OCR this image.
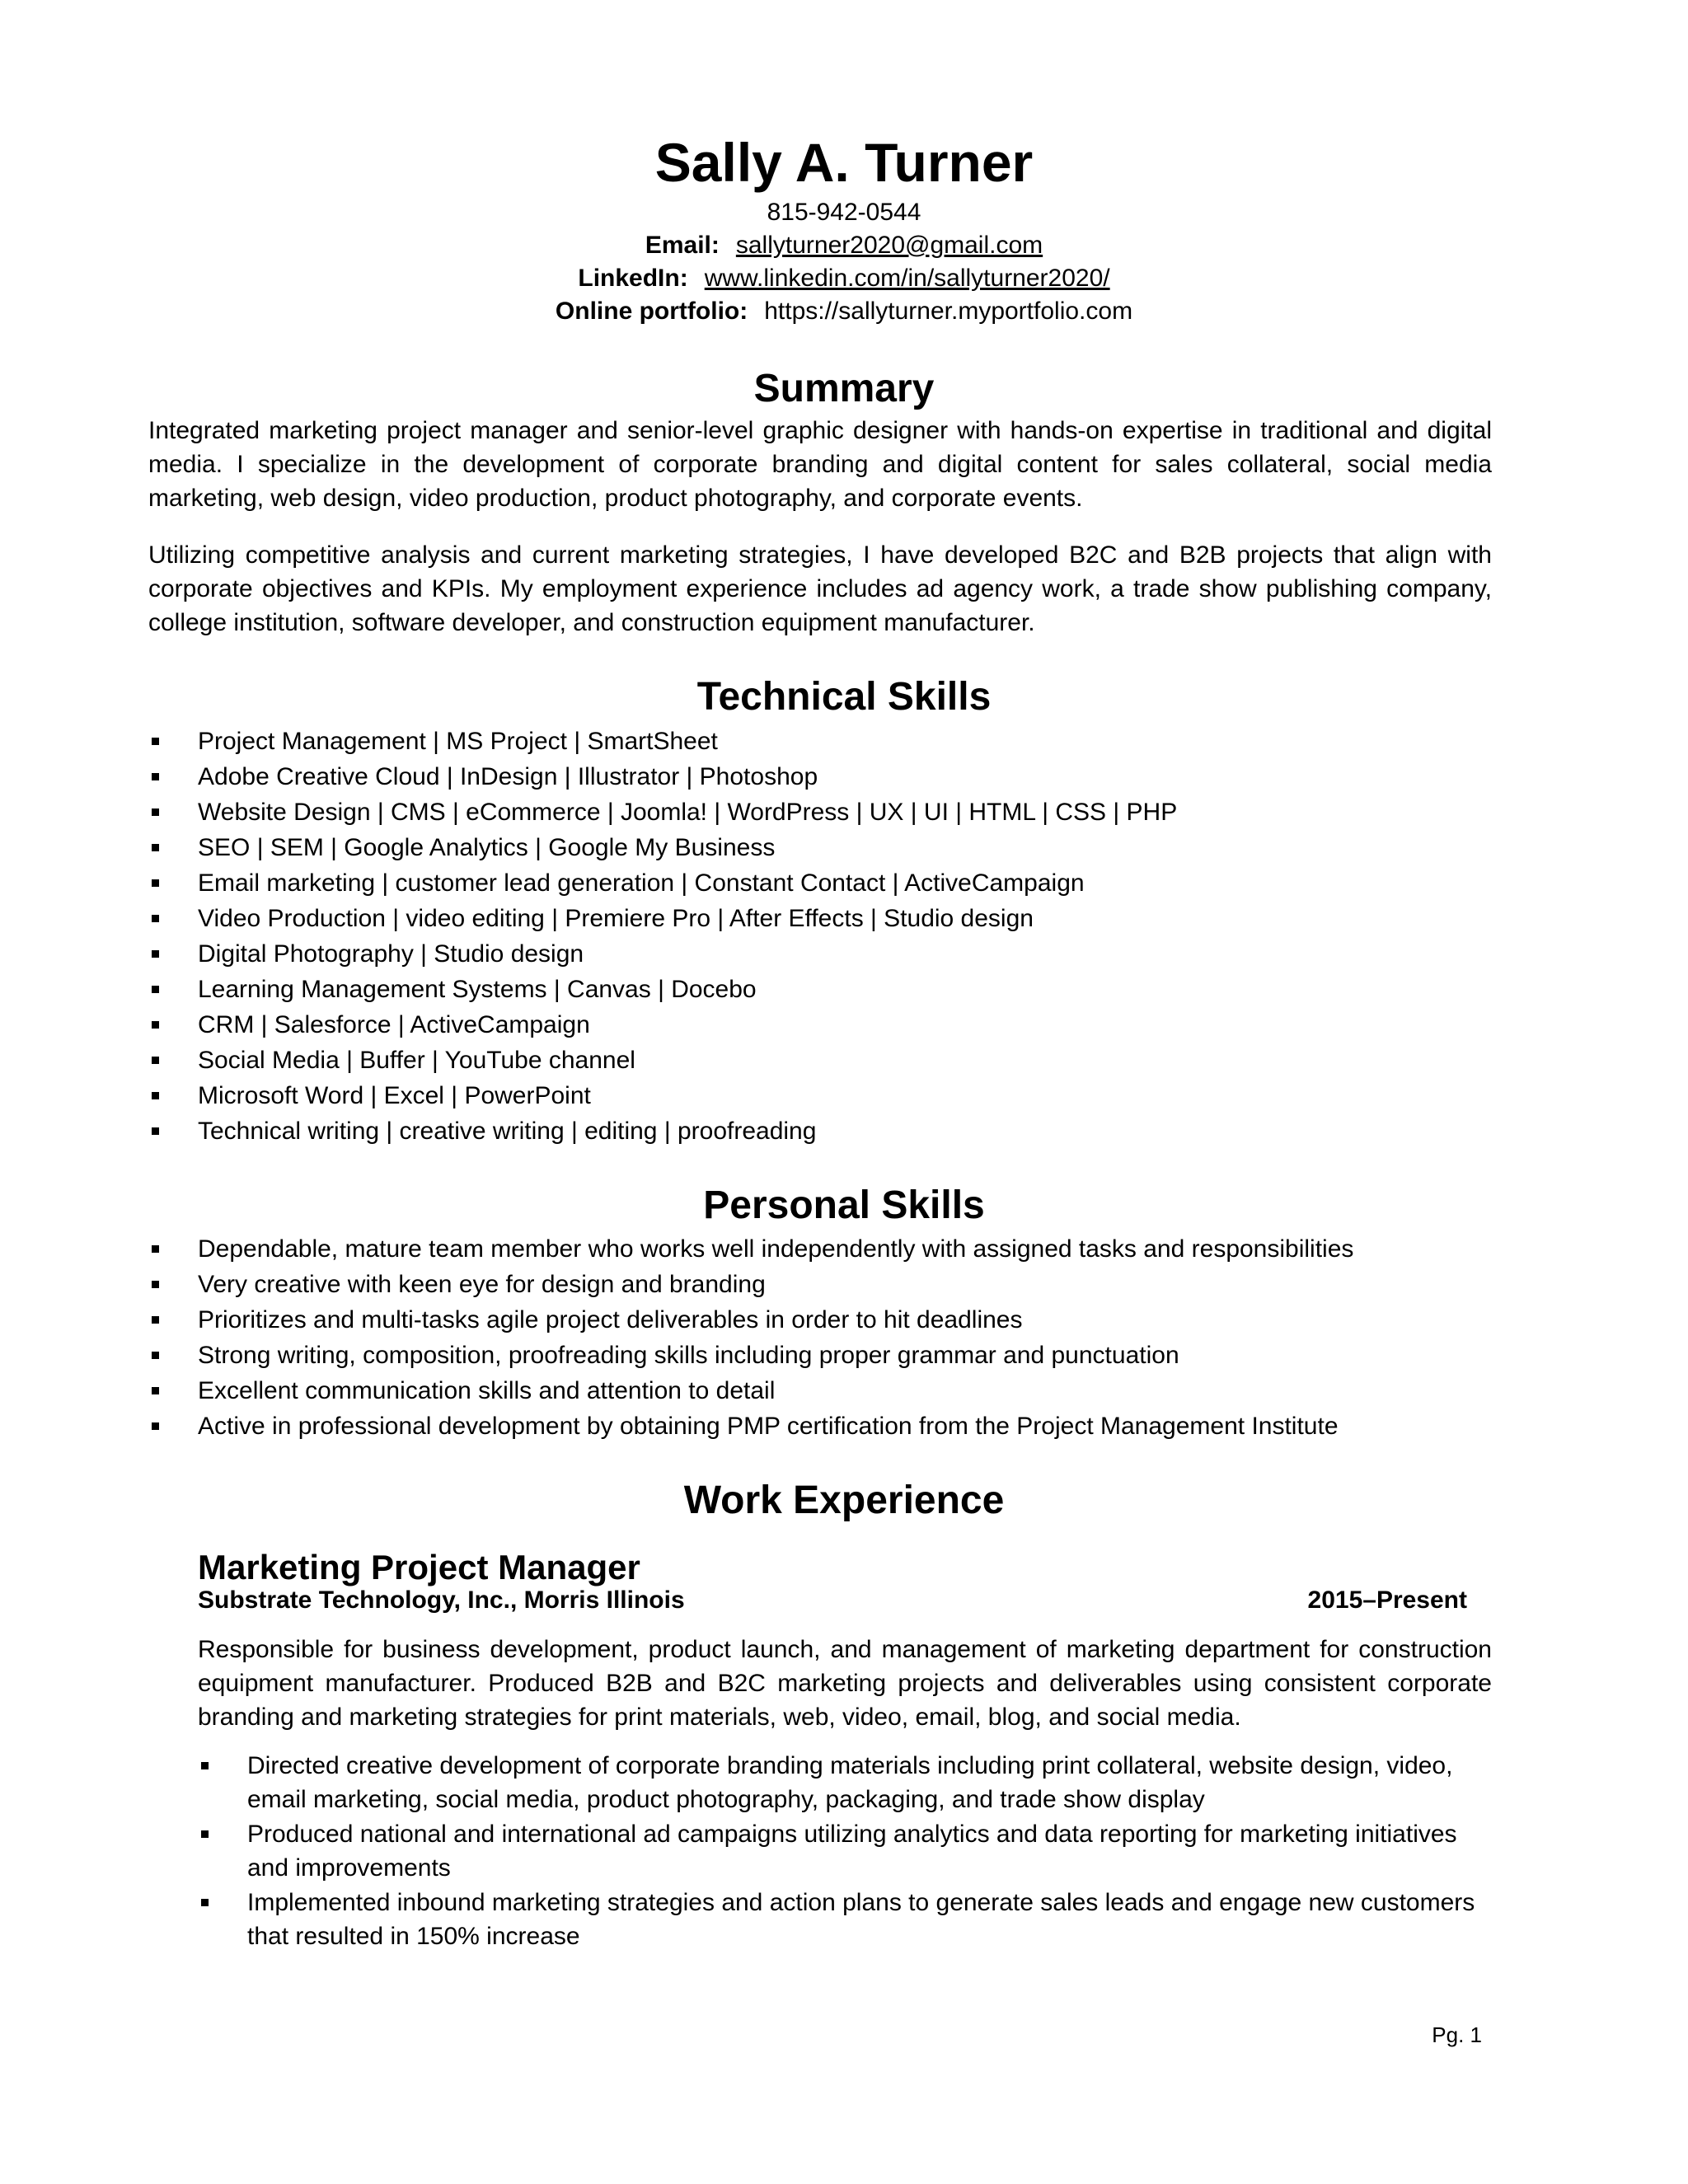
Sally A. Turner
815-942-0544
Email: sallyturner2020@gmail.com
LinkedIn: www.linkedin.com/in/sallyturner2020/
Online portfolio: https://sallyturner.myportfolio.com
Summary
Integrated marketing project manager and senior-level graphic designer with hands-on expertise in traditional and digital media. I specialize in the development of corporate branding and digital content for sales collateral, social media marketing, web design, video production, product photography, and corporate events.
Utilizing competitive analysis and current marketing strategies, I have developed B2C and B2B projects that align with corporate objectives and KPIs. My employment experience includes ad agency work, a trade show publishing company, college institution, software developer, and construction equipment manufacturer.
Technical Skills
Project Management | MS Project | SmartSheet
Adobe Creative Cloud | InDesign | Illustrator | Photoshop
Website Design | CMS | eCommerce | Joomla! | WordPress | UX | UI | HTML | CSS | PHP
SEO | SEM | Google Analytics | Google My Business
Email marketing | customer lead generation | Constant Contact | ActiveCampaign
Video Production | video editing | Premiere Pro | After Effects | Studio design
Digital Photography | Studio design
Learning Management Systems | Canvas | Docebo
CRM | Salesforce | ActiveCampaign
Social Media | Buffer | YouTube channel
Microsoft Word | Excel | PowerPoint
Technical writing | creative writing | editing | proofreading
Personal Skills
Dependable, mature team member who works well independently with assigned tasks and responsibilities
Very creative with keen eye for design and branding
Prioritizes and multi-tasks agile project deliverables in order to hit deadlines
Strong writing, composition, proofreading skills including proper grammar and punctuation
Excellent communication skills and attention to detail
Active in professional development by obtaining PMP certification from the Project Management Institute
Work Experience
Marketing Project Manager
Substrate Technology, Inc., Morris Illinois	2015–Present
Responsible for business development, product launch, and management of marketing department for construction equipment manufacturer. Produced B2B and B2C marketing projects and deliverables using consistent corporate branding and marketing strategies for print materials, web, video, email, blog, and social media.
Directed creative development of corporate branding materials including print collateral, website design, video, email marketing, social media, product photography, packaging, and trade show display
Produced national and international ad campaigns utilizing analytics and data reporting for marketing initiatives and improvements
Implemented inbound marketing strategies and action plans to generate sales leads and engage new customers that resulted in 150% increase
Pg. 1
